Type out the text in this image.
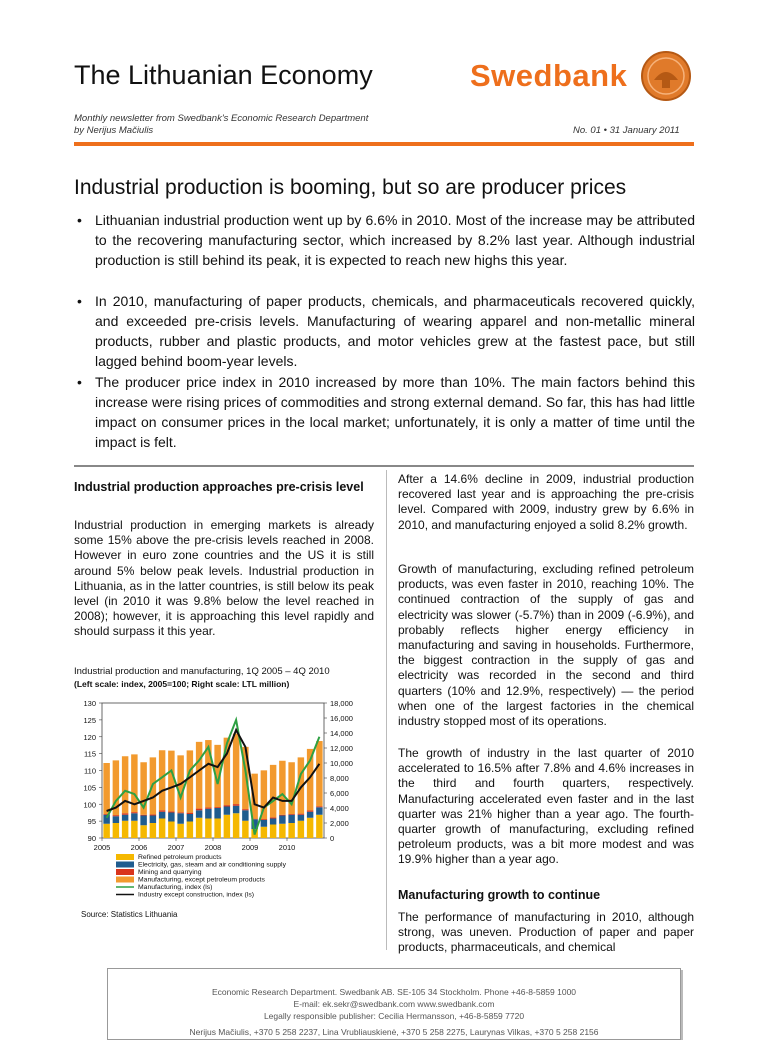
The Lithuanian Economy	Swedbank
Monthly newsletter from Swedbank's Economic Research Department
by Nerijus Mačiulis	No. 01 • 31 January 2011
Industrial production is booming, but so are producer prices
• Lithuanian industrial production went up by 6.6% in 2010. Most of the increase may be attributed to the recovering manufacturing sector, which increased by 8.2% last year. Although industrial production is still behind its peak, it is expected to reach new highs this year.
• In 2010, manufacturing of paper products, chemicals, and pharmaceuticals recovered quickly, and exceeded pre-crisis levels. Manufacturing of wearing apparel and non-metallic mineral products, rubber and plastic products, and motor vehicles grew at the fastest pace, but still lagged behind boom-year levels.
• The producer price index in 2010 increased by more than 10%. The main factors behind this increase were rising prices of commodities and strong external demand. So far, this has had little impact on consumer prices in the local market; unfortunately, it is only a matter of time until the impact is felt.
Industrial production approaches pre-crisis level
Industrial production in emerging markets is already some 15% above the pre-crisis levels reached in 2008. However in euro zone countries and the US it is still around 5% below peak levels. Industrial production in Lithuania, as in the latter countries, is still below its peak level (in 2010 it was 9.8% below the level reached in 2008); however, it is approaching this level rapidly and should surpass it this year.
Industrial production and manufacturing, 1Q 2005 – 4Q 2010
(Left scale: index, 2005=100; Right scale: LTL million)
90
95
100
105
110
115
120
125
130
0
2,000
4,000
6,000
8,000
10,000
12,000
14,000
16,000
18,000
2005	2006	2007	2008	2009	2010
Refined petroleum products
Electricity, gas, steam and air conditioning supply
Mining and quarrying
Manufacturing, except petroleum products
Manufacturing, index (ls)
Industry except construction, index (ls)
Source: Statistics Lithuania
After a 14.6% decline in 2009, industrial production recovered last year and is approaching the pre-crisis level. Compared with 2009, industry grew by 6.6% in 2010, and manufacturing enjoyed a solid 8.2% growth.
Growth of manufacturing, excluding refined petroleum products, was even faster in 2010, reaching 10%. The continued contraction of the supply of gas and electricity was slower (-5.7%) than in 2009 (-6.9%), and probably reflects higher energy efficiency in manufacturing and saving in households. Furthermore, the biggest contraction in the supply of gas and electricity was recorded in the second and third quarters (10% and 12.9%, respectively) — the period when one of the largest factories in the chemical industry stopped most of its operations.
The growth of industry in the last quarter of 2010 accelerated to 16.5% after 7.8% and 4.6% increases in the third and fourth quarters, respectively. Manufacturing accelerated even faster and in the last quarter was 21% higher than a year ago. The fourth-quarter growth of manufacturing, excluding refined petroleum products, was a bit more modest and was 19.9% higher than a year ago.
Manufacturing growth to continue
The performance of manufacturing in 2010, although strong, was uneven. Production of paper and paper products, pharmaceuticals, and chemical
Economic Research Department. Swedbank AB. SE-105 34 Stockholm. Phone +46-8-5859 1000
E-mail: ek.sekr@swedbank.com www.swedbank.com
Legally responsible publisher: Cecilia Hermansson, +46-8-5859 7720
Nerijus Mačiulis, +370 5 258 2237, Lina Vrubliauskienė, +370 5 258 2275, Laurynas Vilkas, +370 5 258 2156
